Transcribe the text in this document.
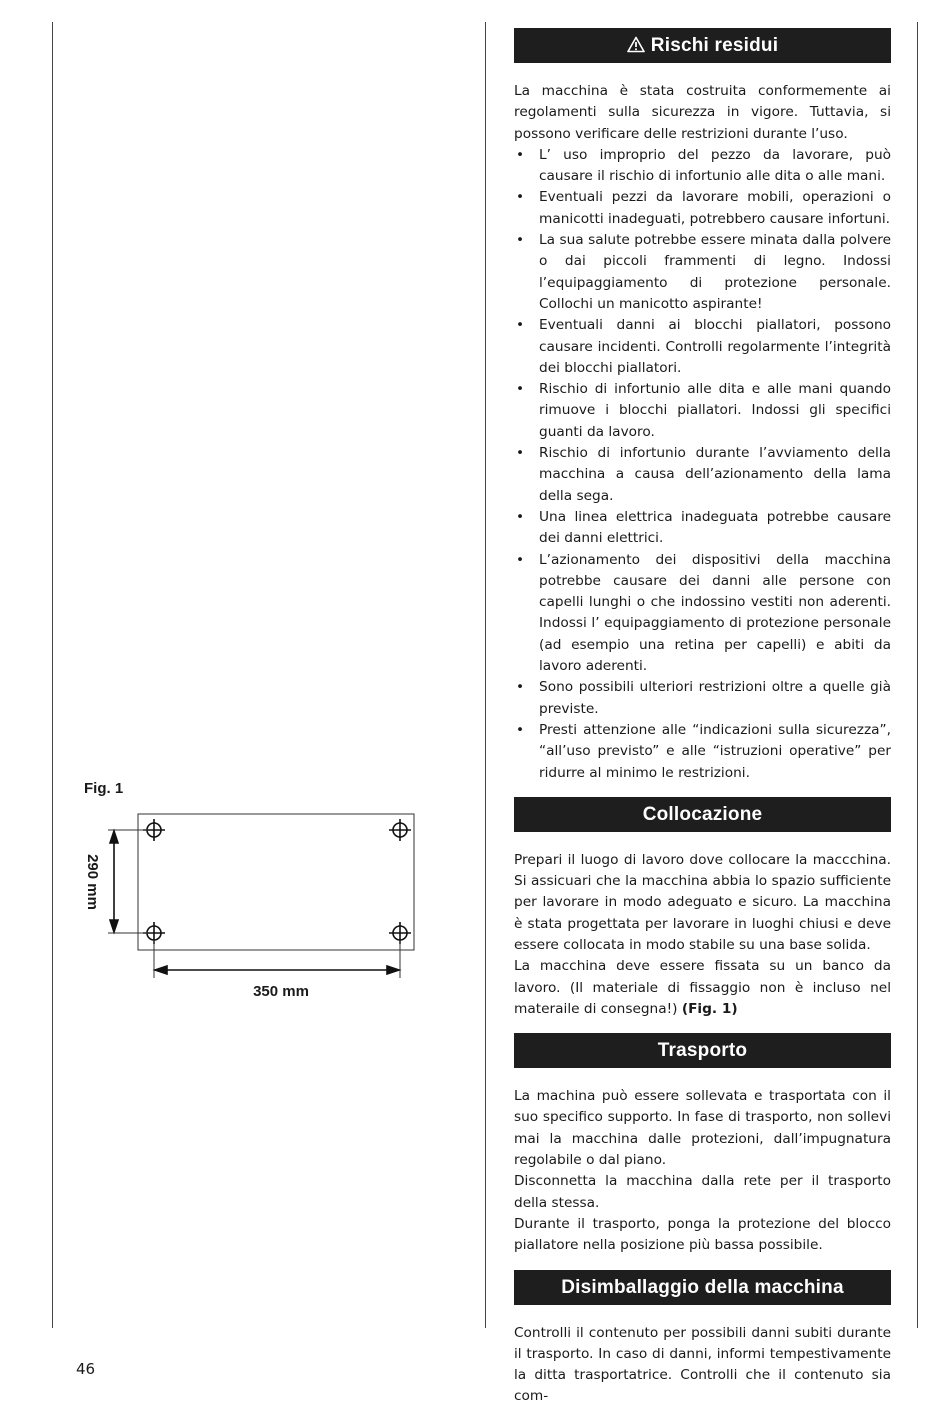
Fig. 1
290 mm
350 mm
Rischi residui

La macchina è stata costruita conformemente ai regolamenti sulla sicurezza in vigore. Tuttavia, si possono verificare delle restrizioni durante l’uso.

• L’ uso improprio del pezzo da lavorare, può causare il rischio di infortunio alle dita o alle mani.
• Eventuali pezzi da lavorare mobili, operazioni o manicotti inadeguati, potrebbero causare infortuni.
• La sua salute potrebbe essere minata dalla polvere o dai piccoli frammenti di legno. Indossi l’equipaggiamento di protezione personale. Collochi un manicotto aspirante!
• Eventuali danni ai blocchi piallatori, possono causare incidenti. Controlli regolarmente l’integrità dei blocchi piallatori.
• Rischio di infortunio alle dita e alle mani quando rimuove i blocchi piallatori. Indossi gli specifici guanti da lavoro.
• Rischio di infortunio durante l’avviamento della macchina a causa dell’azionamento della lama della sega.
• Una linea elettrica inadeguata potrebbe causare dei danni elettrici.
• L’azionamento dei dispositivi della macchina potrebbe causare dei danni alle persone con capelli lunghi o che indossino vestiti non aderenti. Indossi l’ equipaggiamento di protezione personale (ad esempio una retina per capelli) e abiti da lavoro aderenti.
• Sono possibili ulteriori restrizioni oltre a quelle già previste.
• Presti attenzione alle “indicazioni sulla sicurezza”, “all’uso previsto” e alle “istruzioni operative” per ridurre al minimo le restrizioni.
Collocazione

Prepari il luogo di lavoro dove collocare la maccchina. Si assicuari che la macchina abbia lo spazio sufficiente per lavorare in modo adeguato e sicuro. La macchina è stata progettata per lavorare in luoghi chiusi e deve essere collocata in modo stabile su una base solida.

La macchina deve essere fissata su un banco da lavoro. (Il materiale di fissaggio non è incluso nel materaile di consegna!) (Fig. 1)

Trasporto

La machina può essere sollevata e trasportata con il suo specifico supporto. In fase di trasporto, non sollevi mai la macchina dalle protezioni, dall’impugnatura regolabile o dal piano.

Disconnetta la macchina dalla rete per il trasporto della stessa.

Durante il trasporto, ponga la protezione del blocco piallatore nella posizione più bassa possibile.

Disimballaggio della macchina

Controlli il contenuto per possibili danni subiti durante il trasporto. In caso di danni, informi tempestivamente la ditta trasportatrice. Controlli che il contenuto sia com-

46
